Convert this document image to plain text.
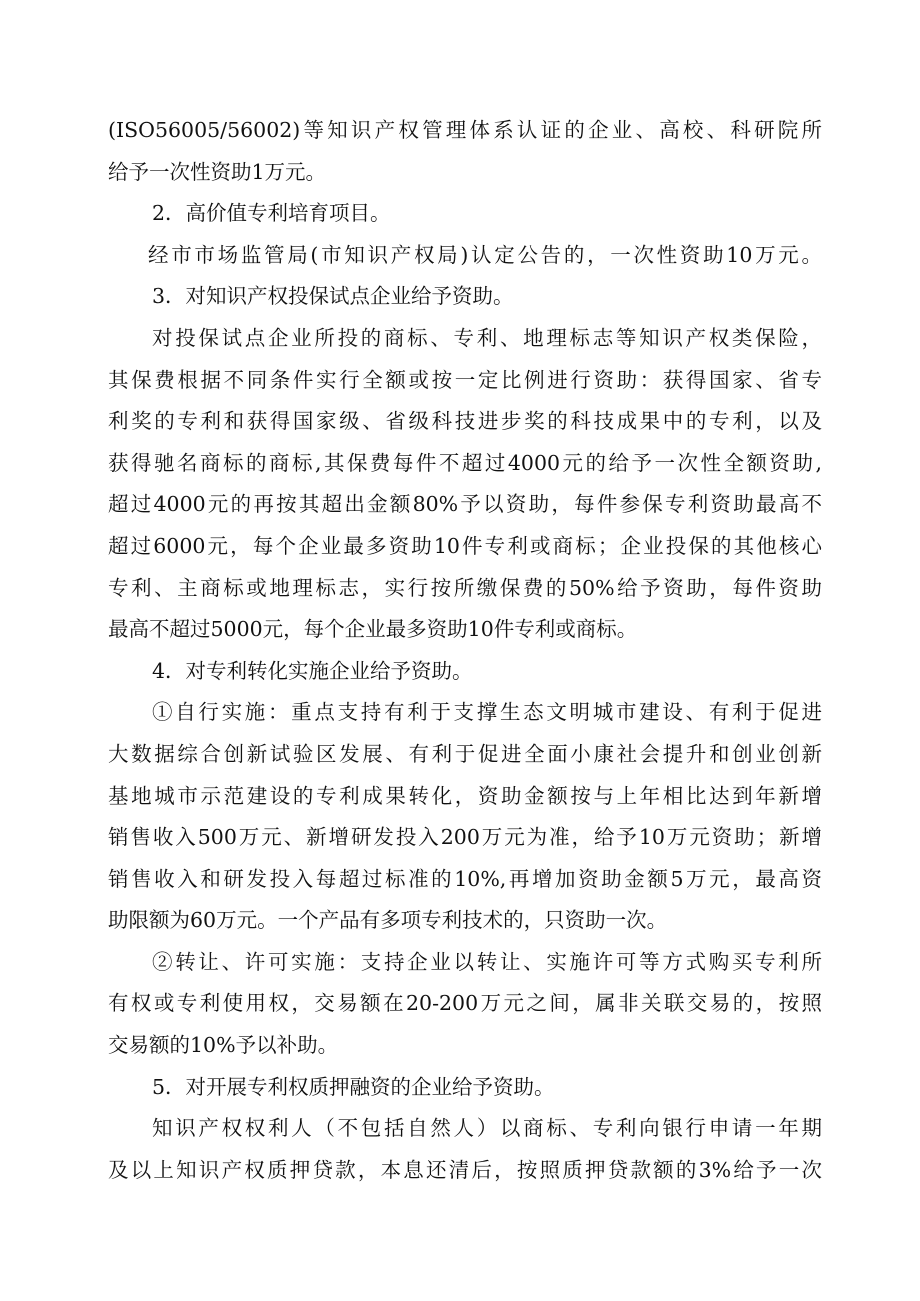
(ISO56005/56002)等知识产权管理体系认证的企业、高校、科研院所
给予一次性资助1万元。
2．高价值专利培育项目。
经市市场监管局(市知识产权局)认定公告的，一次性资助10万元。
3．对知识产权投保试点企业给予资助。
对投保试点企业所投的商标、专利、地理标志等知识产权类保险，
其保费根据不同条件实行全额或按一定比例进行资助：获得国家、省专
利奖的专利和获得国家级、省级科技进步奖的科技成果中的专利，以及
获得驰名商标的商标,其保费每件不超过4000元的给予一次性全额资助,
超过4000元的再按其超出金额80%予以资助，每件参保专利资助最高不
超过6000元，每个企业最多资助10件专利或商标；企业投保的其他核心
专利、主商标或地理标志，实行按所缴保费的50%给予资助，每件资助
最高不超过5000元，每个企业最多资助10件专利或商标。
4．对专利转化实施企业给予资助。
①自行实施：重点支持有利于支撑生态文明城市建设、有利于促进
大数据综合创新试验区发展、有利于促进全面小康社会提升和创业创新
基地城市示范建设的专利成果转化，资助金额按与上年相比达到年新增
销售收入500万元、新增研发投入200万元为准，给予10万元资助；新增
销售收入和研发投入每超过标准的10%,再增加资助金额5万元，最高资
助限额为60万元。一个产品有多项专利技术的，只资助一次。
②转让、许可实施：支持企业以转让、实施许可等方式购买专利所
有权或专利使用权，交易额在20-200万元之间，属非关联交易的，按照
交易额的10%予以补助。
5．对开展专利权质押融资的企业给予资助。
知识产权权利人（不包括自然人）以商标、专利向银行申请一年期
及以上知识产权质押贷款，本息还清后，按照质押贷款额的3%给予一次
